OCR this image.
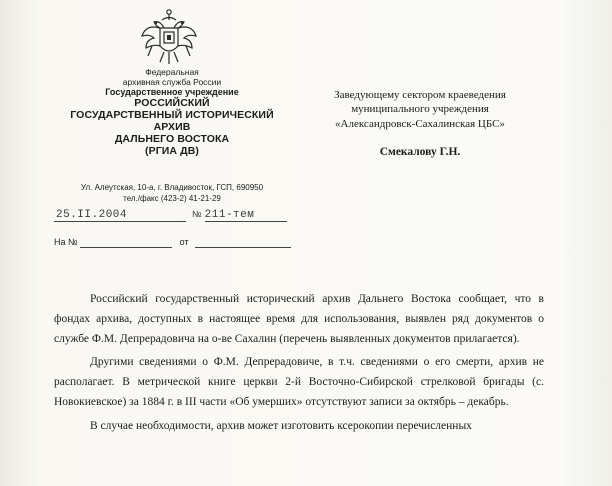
Федеральная
архивная служба России
Государственное учреждение
РОССИЙСКИЙ
ГОСУДАРСТВЕННЫЙ ИСТОРИЧЕСКИЙ
АРХИВ
ДАЛЬНЕГО ВОСТОКА
(РГИА ДВ)
Ул. Алеутская, 10-а, г. Владивосток, ГСП, 690950
тел./факс (423-2) 41-21-29
25.II.2004	№ 211-тем
На №	от
Заведующему сектором краеведения
муниципального учреждения
«Александровск-Сахалинская ЦБС»
Смекалову Г.Н.

Российский государственный исторический архив Дальнего Востока сообщает, что в фондах архива, доступных в настоящее время для использования, выявлен ряд документов о службе Ф.М. Депрерадовича на о-ве Сахалин (перечень выявленных документов прилагается).

Другими сведениями о Ф.М. Депрерадовиче, в т.ч. сведениями о его смерти, архив не располагает. В метрической книге церкви 2-й Восточно-Сибирской стрелковой бригады (с. Новокиевское) за 1884 г. в III части «Об умерших» отсутствуют записи за октябрь – декабрь.

В случае необходимости, архив может изготовить ксерокопии перечисленных
